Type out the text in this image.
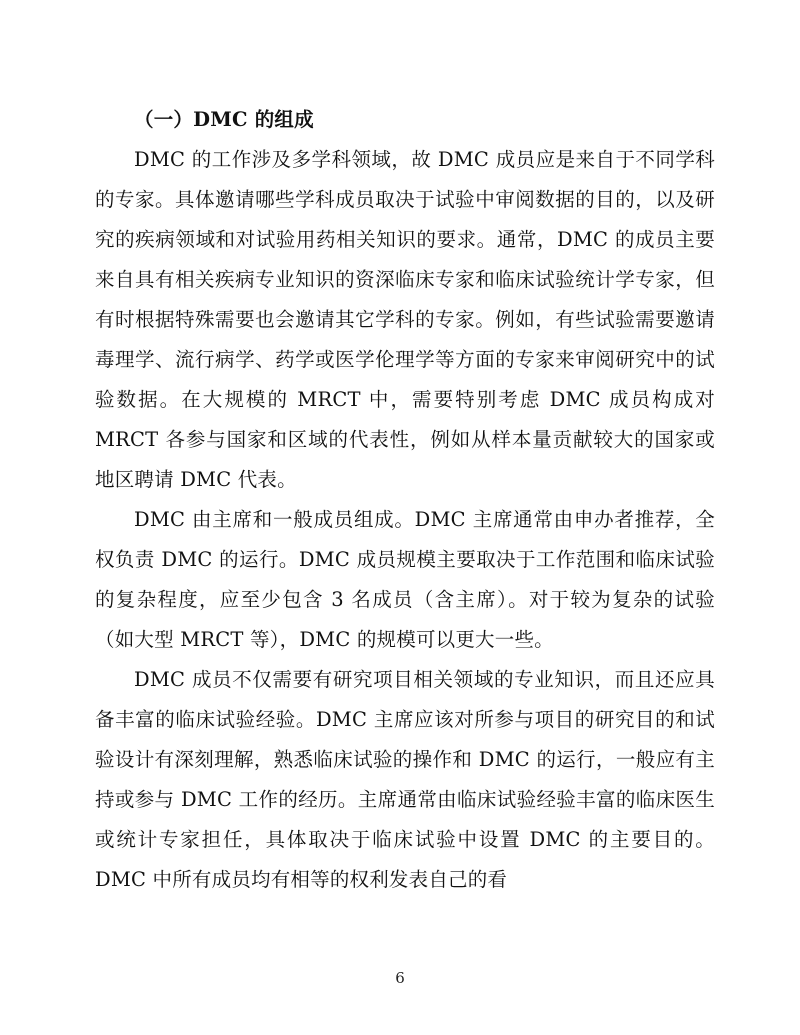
（一）DMC 的组成

DMC 的工作涉及多学科领域，故 DMC 成员应是来自于不同学科的专家。具体邀请哪些学科成员取决于试验中审阅数据的目的，以及研究的疾病领域和对试验用药相关知识的要求。通常，DMC 的成员主要来自具有相关疾病专业知识的资深临床专家和临床试验统计学专家，但有时根据特殊需要也会邀请其它学科的专家。例如，有些试验需要邀请毒理学、流行病学、药学或医学伦理学等方面的专家来审阅研究中的试验数据。在大规模的 MRCT 中，需要特别考虑 DMC 成员构成对 MRCT 各参与国家和区域的代表性，例如从样本量贡献较大的国家或地区聘请 DMC 代表。

DMC 由主席和一般成员组成。DMC 主席通常由申办者推荐，全权负责 DMC 的运行。DMC 成员规模主要取决于工作范围和临床试验的复杂程度，应至少包含 3 名成员（含主席）。对于较为复杂的试验（如大型 MRCT 等），DMC 的规模可以更大一些。

DMC 成员不仅需要有研究项目相关领域的专业知识，而且还应具备丰富的临床试验经验。DMC 主席应该对所参与项目的研究目的和试验设计有深刻理解，熟悉临床试验的操作和 DMC 的运行，一般应有主持或参与 DMC 工作的经历。主席通常由临床试验经验丰富的临床医生或统计专家担任，具体取决于临床试验中设置 DMC 的主要目的。DMC 中所有成员均有相等的权利发表自己的看

6
